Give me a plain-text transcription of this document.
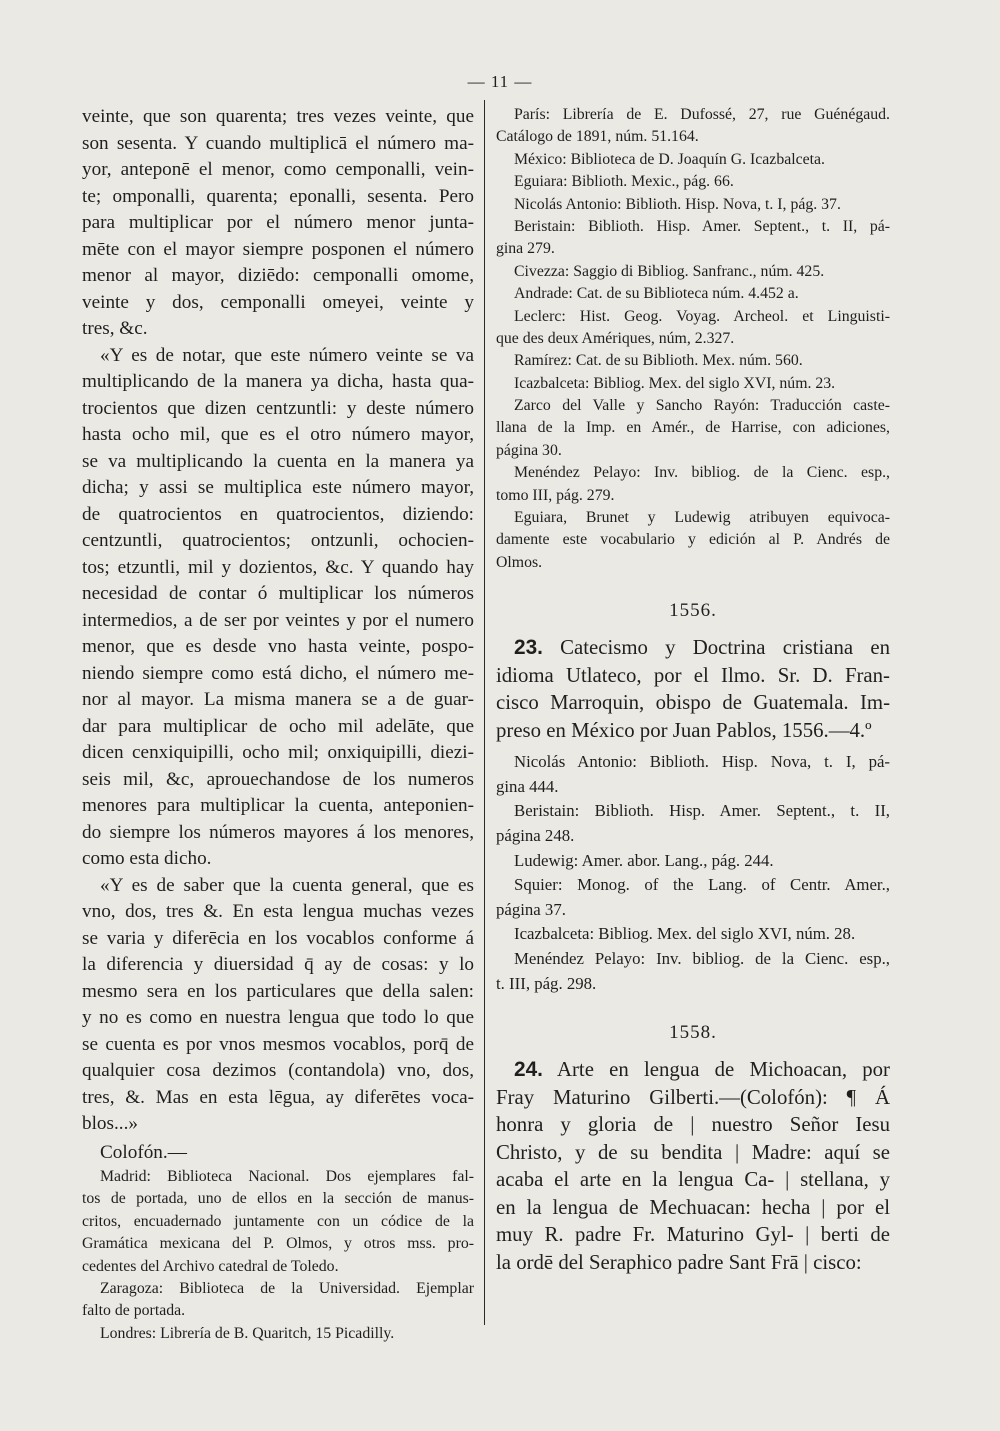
— 11 —
veinte, que son quarenta; tres vezes veinte, que
son sesenta. Y cuando multiplicā el número ma-
yor, anteponē el menor, como cemponalli, vein-
te; omponalli, quarenta; eponalli, sesenta. Pero
para multiplicar por el número menor junta-
mēte con el mayor siempre posponen el número
menor al mayor, diziēdo: cemponalli omome,
veinte y dos, cemponalli omeyei, veinte y
tres, &c.
«Y es de notar, que este número veinte se va
multiplicando de la manera ya dicha, hasta qua-
trocientos que dizen centzuntli: y deste número
hasta ocho mil, que es el otro número mayor,
se va multiplicando la cuenta en la manera ya
dicha; y assi se multiplica este número mayor,
de quatrocientos en quatrocientos, diziendo:
centzuntli, quatrocientos; ontzunli, ochocien-
tos; etzuntli, mil y dozientos, &c. Y quando hay
necesidad de contar ó multiplicar los números
intermedios, a de ser por veintes y por el numero
menor, que es desde vno hasta veinte, pospo-
niendo siempre como está dicho, el número me-
nor al mayor. La misma manera se a de guar-
dar para multiplicar de ocho mil adelāte, que
dicen cenxiquipilli, ocho mil; onxiquipilli, diezi-
seis mil, &c, aprouechandose de los numeros
menores para multiplicar la cuenta, anteponien-
do siempre los números mayores á los menores,
como esta dicho.
«Y es de saber que la cuenta general, que es
vno, dos, tres &. En esta lengua muchas vezes
se varia y diferēcia en los vocablos conforme á
la diferencia y diuersidad q̄ ay de cosas: y lo
mesmo sera en los particulares que della salen:
y no es como en nuestra lengua que todo lo que
se cuenta es por vnos mesmos vocablos, porq̄ de
qualquier cosa dezimos (contandola) vno, dos,
tres, &. Mas en esta lēgua, ay diferētes voca-
blos...»
Colofón.—
Madrid: Biblioteca Nacional. Dos ejemplares fal-
tos de portada, uno de ellos en la sección de manus-
critos, encuadernado juntamente con un códice de la
Gramática mexicana del P. Olmos, y otros mss. pro-
cedentes del Archivo catedral de Toledo.
Zaragoza: Biblioteca de la Universidad. Ejemplar
falto de portada.
Londres: Librería de B. Quaritch, 15 Picadilly.
París: Librería de E. Dufossé, 27, rue Guénégaud.
Catálogo de 1891, núm. 51.164.
México: Biblioteca de D. Joaquín G. Icazbalceta.
Eguiara: Biblioth. Mexic., pág. 66.
Nicolás Antonio: Biblioth. Hisp. Nova, t. I, pág. 37.
Beristain: Biblioth. Hisp. Amer. Septent., t. II, pá-
gina 279.
Civezza: Saggio di Bibliog. Sanfranc., núm. 425.
Andrade: Cat. de su Biblioteca núm. 4.452 a.
Leclerc: Hist. Geog. Voyag. Archeol. et Linguisti-
que des deux Amériques, núm, 2.327.
Ramírez: Cat. de su Biblioth. Mex. núm. 560.
Icazbalceta: Bibliog. Mex. del siglo XVI, núm. 23.
Zarco del Valle y Sancho Rayón: Traducción caste-
llana de la Imp. en Amér., de Harrise, con adiciones,
página 30.
Menéndez Pelayo: Inv. bibliog. de la Cienc. esp.,
tomo III, pág. 279.
Eguiara, Brunet y Ludewig atribuyen equivoca-
damente este vocabulario y edición al P. Andrés de
Olmos.
1556.
23. Catecismo y Doctrina cristiana en
idioma Utlateco, por el Ilmo. Sr. D. Fran-
cisco Marroquin, obispo de Guatemala. Im-
preso en México por Juan Pablos, 1556.—4.º
Nicolás Antonio: Biblioth. Hisp. Nova, t. I, pá-
gina 444.
Beristain: Biblioth. Hisp. Amer. Septent., t. II,
página 248.
Ludewig: Amer. abor. Lang., pág. 244.
Squier: Monog. of the Lang. of Centr. Amer.,
página 37.
Icazbalceta: Bibliog. Mex. del siglo XVI, núm. 28.
Menéndez Pelayo: Inv. bibliog. de la Cienc. esp.,
t. III, pág. 298.
1558.
24. Arte en lengua de Michoacan, por
Fray Maturino Gilberti.—(Colofón): ¶ Á
honra y gloria de | nuestro Señor Iesu
Christo, y de su bendita | Madre: aquí se
acaba el arte en la lengua Ca- | stellana, y
en la lengua de Mechuacan: hecha | por el
muy R. padre Fr. Maturino Gyl- | berti de
la ordē del Seraphico padre Sant Frā | cisco:
